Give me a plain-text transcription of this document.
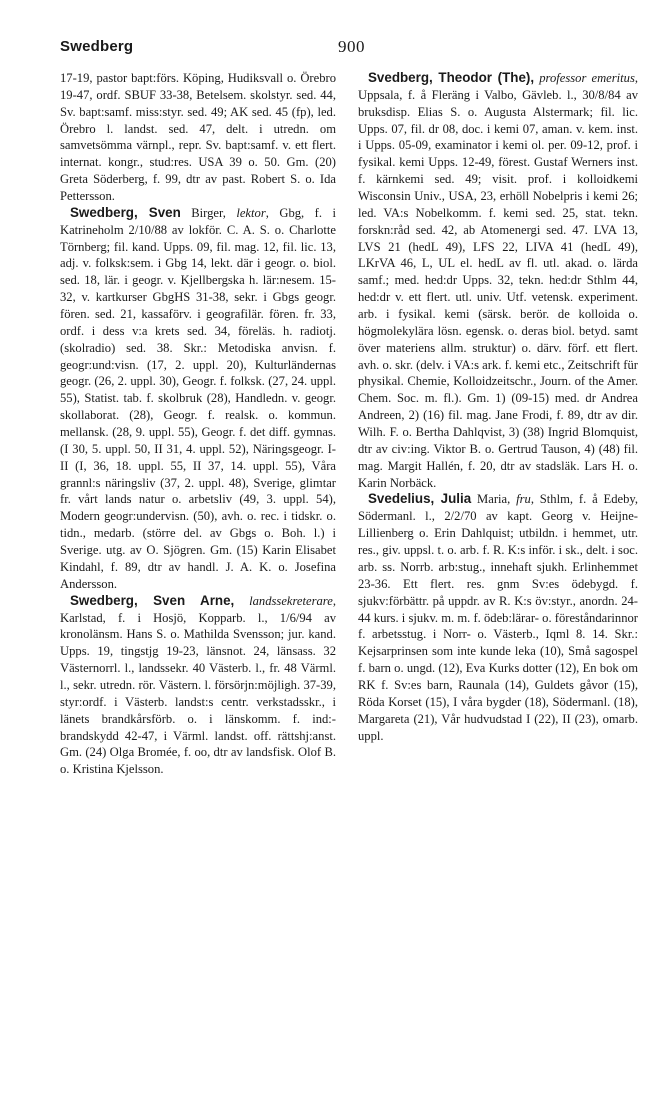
Swedberg	900

17-19, pastor bapt:förs. Köping, Hudiksvall o. Örebro 19-47, ordf. SBUF 33-38, Betelsem. skolstyr. sed. 44, Sv. bapt:samf. miss:styr. sed. 49; AK sed. 45 (fp), led. Örebro l. landst. sed. 47, delt. i utredn. om samvetsömma värnpl., repr. Sv. bapt:samf. v. ett flert. internat. kongr., stud:res. USA 39 o. 50. Gm. (20) Greta Söderberg, f. 99, dtr av past. Robert S. o. Ida Pettersson.

Swedberg, Sven Birger, lektor, Gbg, f. i Katrineholm 2/10/88 av lokför. C. A. S. o. Charlotte Törnberg; fil. kand. Upps. 09, fil. mag. 12, fil. lic. 13, adj. v. folksk:sem. i Gbg 14, lekt. där i geogr. o. biol. sed. 18, lär. i geogr. v. Kjellbergska h. lär:nesem. 15-32, v. kartkurser GbgHS 31-38, sekr. i Gbgs geogr. fören. sed. 21, kassaförv. i geografilär. fören. fr. 33, ordf. i dess v:a krets sed. 34, föreläs. h. radiotj. (skolradio) sed. 38. Skr.: Metodiska anvisn. f. geogr:und:visn. (17, 2. uppl. 20), Kulturländernas geogr. (26, 2. uppl. 30), Geogr. f. folksk. (27, 24. uppl. 55), Statist. tab. f. skolbruk (28), Handledn. v. geogr. skollaborat. (28), Geogr. f. realsk. o. kommun. mellansk. (28, 9. uppl. 55), Geogr. f. det diff. gymnas. (I 30, 5. uppl. 50, II 31, 4. uppl. 52), Näringsgeogr. I-II (I, 36, 18. uppl. 55, II 37, 14. uppl. 55), Våra grannl:s näringsliv (37, 2. uppl. 48), Sverige, glimtar fr. vårt lands natur o. arbetsliv (49, 3. uppl. 54), Modern geogr:undervisn. (50), avh. o. rec. i tidskr. o. tidn., medarb. (större del. av Gbgs o. Boh. l.) i Sverige. utg. av O. Sjögren. Gm. (15) Karin Elisabet Kindahl, f. 89, dtr av handl. J. A. K. o. Josefina Andersson.

Swedberg, Sven Arne, landssekreterare, Karlstad, f. i Hosjö, Kopparb. l., 1/6/94 av kronolänsm. Hans S. o. Mathilda Svensson; jur. kand. Upps. 19, tingstjg 19-23, länsnot. 24, länsass. 32 Västernorrl. l., landssekr. 40 Västerb. l., fr. 48 Värml. l., sekr. utredn. rör. Västern. l. försörjn:möjligh. 37-39, styr:ordf. i Västerb. landst:s centr. verkstadsskr., i länets brandkårsförb. o. i länskomm. f. ind:-brandskydd 42-47, i Värml. landst. off. rättshj:anst. Gm. (24) Olga Bromée, f. oo, dtr av landsfisk. Olof B. o. Kristina Kjelsson.

Svedberg, Theodor (The), professor emeritus, Uppsala, f. å Fleräng i Valbo, Gävleb. l., 30/8/84 av bruksdisp. Elias S. o. Augusta Alstermark; fil. lic. Upps. 07, fil. dr 08, doc. i kemi 07, aman. v. kem. inst. i Upps. 05-09, examinator i kemi ol. per. 09-12, prof. i fysikal. kemi Upps. 12-49, förest. Gustaf Werners inst. f. kärnkemi sed. 49; visit. prof. i kolloidkemi Wisconsin Univ., USA, 23, erhöll Nobelpris i kemi 26; led. VA:s Nobelkomm. f. kemi sed. 25, stat. tekn. forskn:råd sed. 42, ab Atomenergi sed. 47. LVA 13, LVS 21 (hedL 49), LFS 22, LIVA 41 (hedL 49), LKrVA 46, L, UL el. hedL av fl. utl. akad. o. lärda samf.; med. hed:dr Upps. 32, tekn. hed:dr Sthlm 44, hed:dr v. ett flert. utl. univ. Utf. vetensk. experiment. arb. i fysikal. kemi (särsk. berör. de kolloida o. högmolekylära lösn. egensk. o. deras biol. betyd. samt över materiens allm. struktur) o. därv. förf. ett flert. avh. o. skr. (delv. i VA:s ark. f. kemi etc., Zeitschrift für physikal. Chemie, Kolloidzeitschr., Journ. of the Amer. Chem. Soc. m. fl.). Gm. 1) (09-15) med. dr Andrea Andreen, 2) (16) fil. mag. Jane Frodi, f. 89, dtr av dir. Wilh. F. o. Bertha Dahlqvist, 3) (38) Ingrid Blomquist, dtr av civ:ing. Viktor B. o. Gertrud Tauson, 4) (48) fil. mag. Margit Hallén, f. 20, dtr av stadsläk. Lars H. o. Karin Norbäck.

Svedelius, Julia Maria, fru, Sthlm, f. å Edeby, Södermanl. l., 2/2/70 av kapt. Georg v. Heijne-Lillienberg o. Erin Dahlquist; utbildn. i hemmet, utr. res., giv. uppsl. t. o. arb. f. R. K:s inför. i sk., delt. i soc. arb. ss. Norrb. arb:stug., innehaft sjukh. Erlinhemmet 23-36. Ett flert. res. gnm Sv:es ödebygd. f. sjukv:förbättr. på uppdr. av R. K:s öv:styr., anordn. 24-44 kurs. i sjukv. m. m. f. ödeb:lärar- o. föreståndarinnor f. arbetsstug. i Norr- o. Västerb., Iqml 8. 14. Skr.: Kejsarprinsen som inte kunde leka (10), Små sagospel f. barn o. ungd. (12), Eva Kurks dotter (12), En bok om RK f. Sv:es barn, Raunala (14), Guldets gåvor (15), Röda Korset (15), I våra bygder (18), Södermanl. (18), Margareta (21), Vår hudvudstad I (22), II (23), omarb. uppl.
